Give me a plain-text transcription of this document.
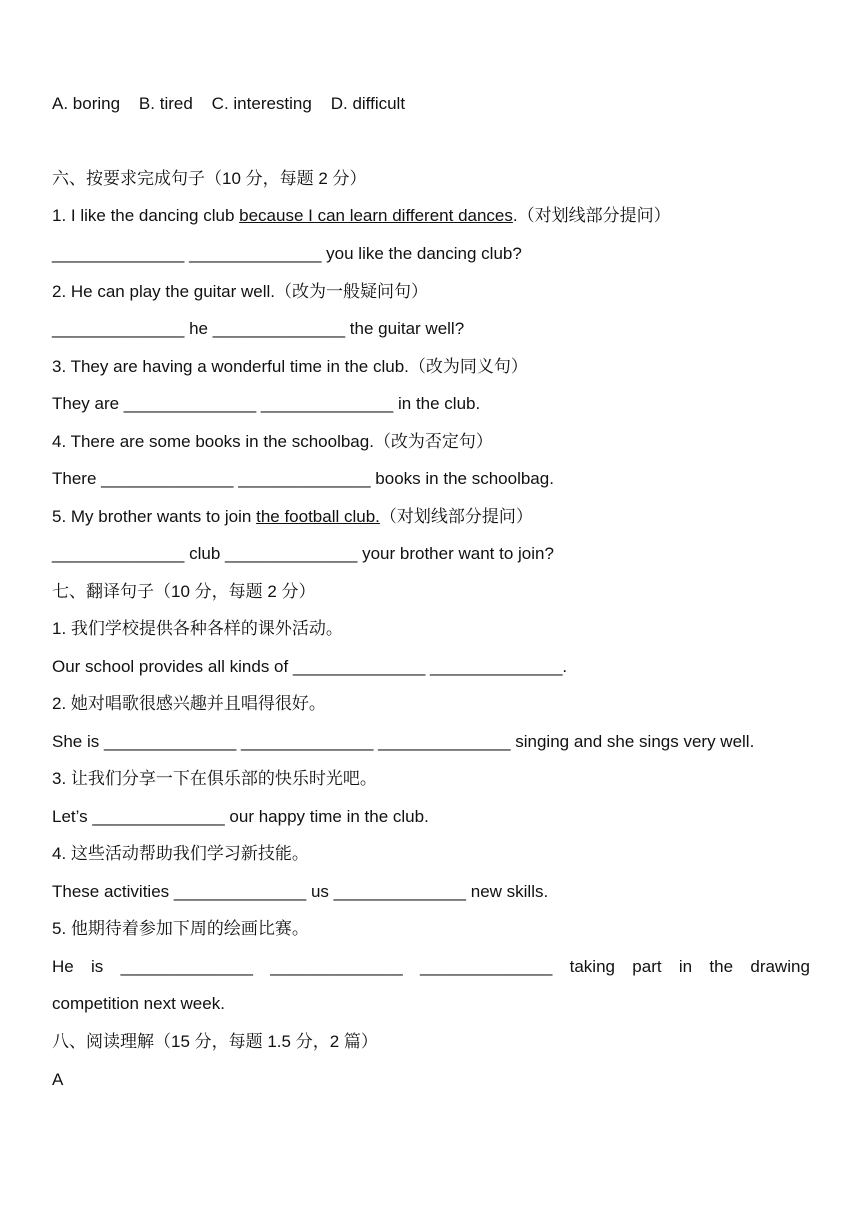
A. boring    B. tired    C. interesting    D. difficult
六、按要求完成句子（10 分，每题 2 分）
1. I like the dancing club because I can learn different dances.（对划线部分提问）
______________ ______________ you like the dancing club?
2. He can play the guitar well.（改为一般疑问句）
______________ he ______________ the guitar well?
3. They are having a wonderful time in the club.（改为同义句）
They are ______________ ______________ in the club.
4. There are some books in the schoolbag.（改为否定句）
There ______________ ______________ books in the schoolbag.
5. My brother wants to join the football club.（对划线部分提问）
______________ club ______________ your brother want to join?
七、翻译句子（10 分，每题 2 分）
1. 我们学校提供各种各样的课外活动。
Our school provides all kinds of ______________ ______________.
2. 她对唱歌很感兴趣并且唱得很好。
She is ______________ ______________ ______________ singing and she sings very well.
3. 让我们分享一下在俱乐部的快乐时光吧。
Let’s ______________ our happy time in the club.
4. 这些活动帮助我们学习新技能。
These activities ______________ us ______________ new skills.
5. 他期待着参加下周的绘画比赛。
He is ______________ ______________ ______________ taking part in the drawing
competition next week.
八、阅读理解（15 分，每题 1.5 分，2 篇）
A
